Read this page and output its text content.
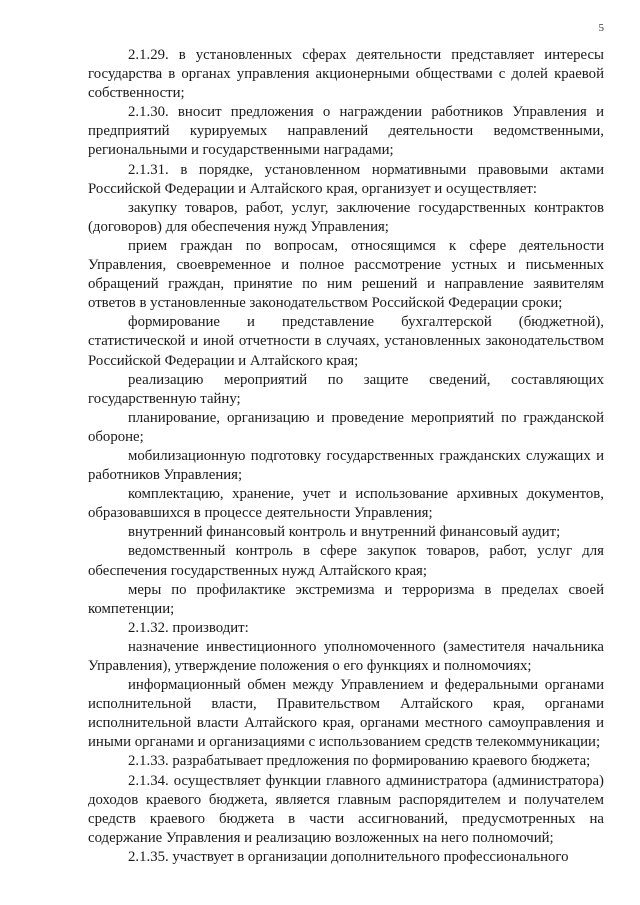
5

2.1.29. в установленных сферах деятельности представляет интересы государства в органах управления акционерными обществами с долей краевой собственности;

2.1.30. вносит предложения о награждении работников Управления и предприятий курируемых направлений деятельности ведомственными, региональными и государственными наградами;

2.1.31. в порядке, установленном нормативными правовыми актами Российской Федерации и Алтайского края, организует и осуществляет:

закупку товаров, работ, услуг, заключение государственных контрактов (договоров) для обеспечения нужд Управления;

прием граждан по вопросам, относящимся к сфере деятельности Управления, своевременное и полное рассмотрение устных и письменных обращений граждан, принятие по ним решений и направление заявителям ответов в установленные законодательством Российской Федерации сроки;

формирование и представление бухгалтерской (бюджетной), статистической и иной отчетности в случаях, установленных законодательством Российской Федерации и Алтайского края;

реализацию мероприятий по защите сведений, составляющих государственную тайну;

планирование, организацию и проведение мероприятий по гражданской обороне;

мобилизационную подготовку государственных гражданских служащих и работников Управления;

комплектацию, хранение, учет и использование архивных документов, образовавшихся в процессе деятельности Управления;

внутренний финансовый контроль и внутренний финансовый аудит;

ведомственный контроль в сфере закупок товаров, работ, услуг для обеспечения государственных нужд Алтайского края;

меры по профилактике экстремизма и терроризма в пределах своей компетенции;

2.1.32. производит:

назначение инвестиционного уполномоченного (заместителя начальника Управления), утверждение положения о его функциях и полномочиях;

информационный обмен между Управлением и федеральными органами исполнительной власти, Правительством Алтайского края, органами исполнительной власти Алтайского края, органами местного самоуправления и иными органами и организациями с использованием средств телекоммуникации;

2.1.33. разрабатывает предложения по формированию краевого бюджета;

2.1.34. осуществляет функции главного администратора (администратора) доходов краевого бюджета, является главным распорядителем и получателем средств краевого бюджета в части ассигнований, предусмотренных на содержание Управления и реализацию возложенных на него полномочий;

2.1.35. участвует в организации дополнительного профессионального
